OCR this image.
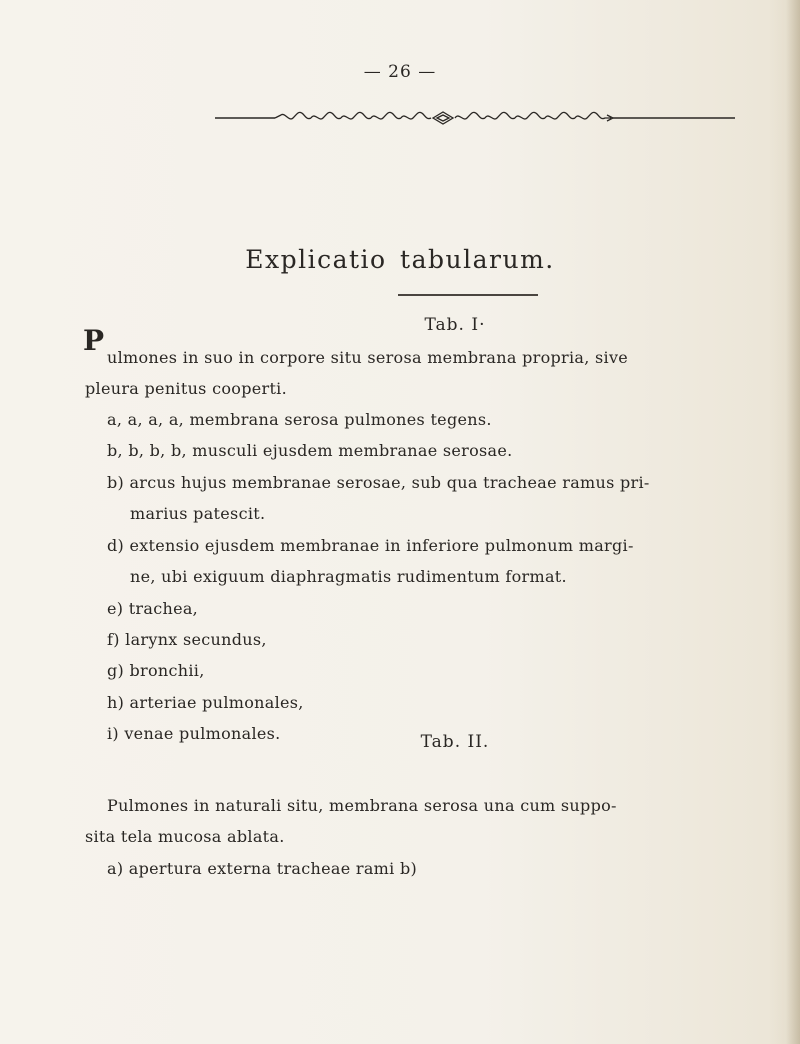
— 26 —
Explicatio tabularum.
Tab. I·
P
ulmones in suo in corpore situ serosa membrana propria, sive
pleura penitus cooperti.
a, a, a, a, membrana serosa pulmones tegens.
b, b, b, b, musculi ejusdem membranae serosae.
b) arcus hujus membranae serosae, sub qua tracheae ramus pri-
marius patescit.
d) extensio ejusdem membranae in inferiore pulmonum margi-
ne, ubi exiguum diaphragmatis rudimentum format.
e) trachea,
f) larynx secundus,
g) bronchii,
h) arteriae pulmonales,
i) venae pulmonales.	Tab. II.
Pulmones in naturali situ, membrana serosa una cum suppo-
sita tela mucosa ablata.
a) apertura externa tracheae rami b)
